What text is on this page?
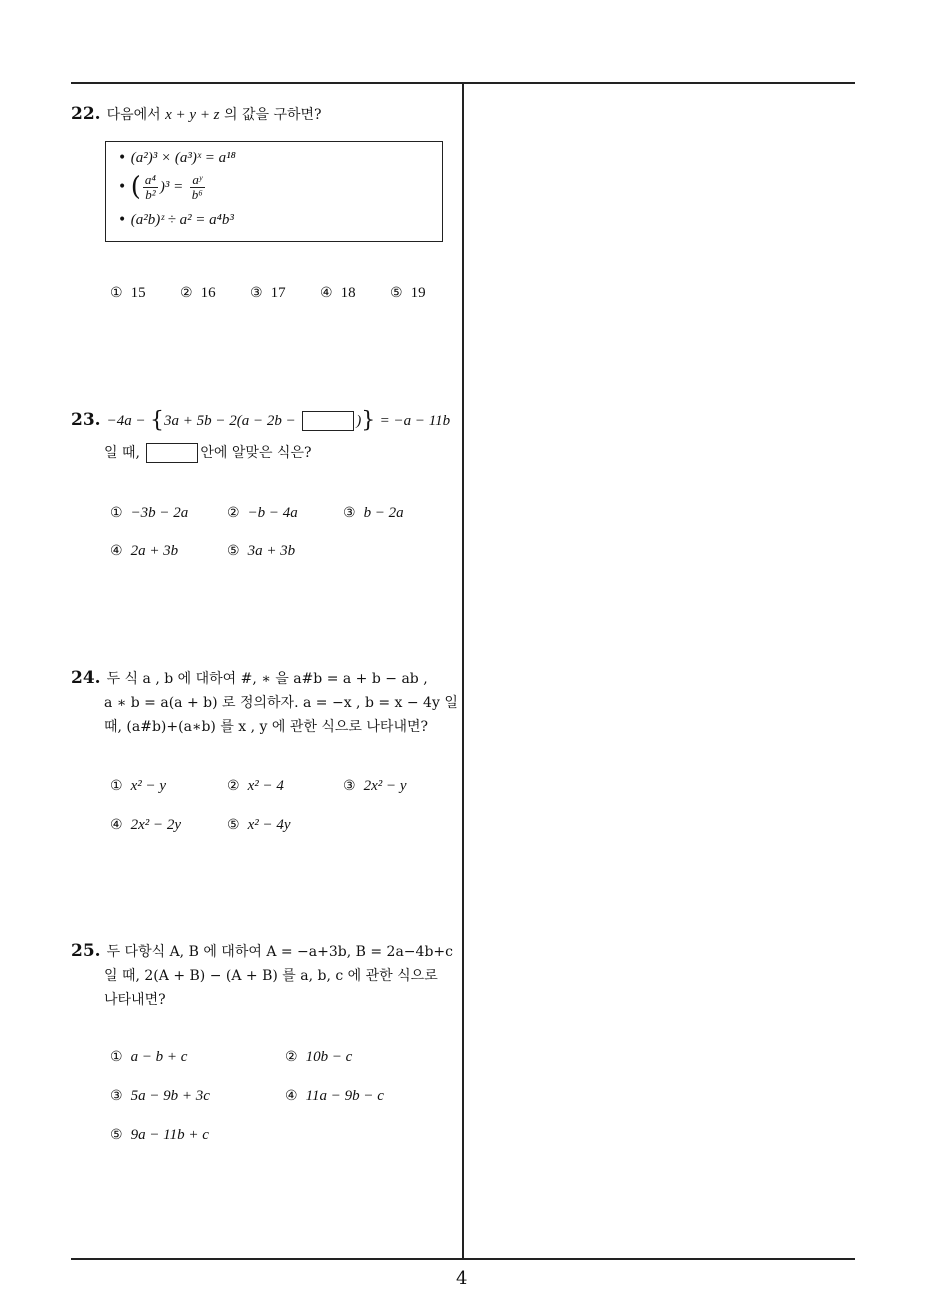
22. 다음에서 x + y + z 의 값을 구하면?
• (a²)³ × (a³)ˣ = a¹⁸
• ( $\frac{\text{a⁴}}{\text{b²}} )^3 = \frac{\text{aʸ}}{\text{b⁶}}$
• (a²b)ᶻ ÷ a² = a⁴b³
① 15 ② 16 ③ 17 ④ 18 ⑤ 19
23. −4a − {3a + 5b − 2(a − 2b −	)} = −a − 11b
일 때,	안에 알맞은 식은?
① −3b − 2a	② −b − 4a	③ b − 2a
④ 2a + 3b	⑤ 3a + 3b
24. 두 식 a , b 에 대하여 #, ∗ 을 a#b = a + b − ab ,
a ∗ b = a(a + b) 로 정의하자. a = −x , b = x − 4y 일
때, (a#b)+(a∗b) 를 x , y 에 관한 식으로 나타내면?
① x² − y	② x² − 4	③ 2x² − y
④ 2x² − 2y	⑤ x² − 4y
25. 두 다항식 A, B 에 대하여 A = −a+3b, B = 2a−4b+c
일 때, 2(A + B) − (A + B) 를 a, b, c 에 관한 식으로
나타내면?
① a − b + c	② 10b − c
③ 5a − 9b + 3c	④ 11a − 9b − c
⑤ 9a − 11b + c
4
